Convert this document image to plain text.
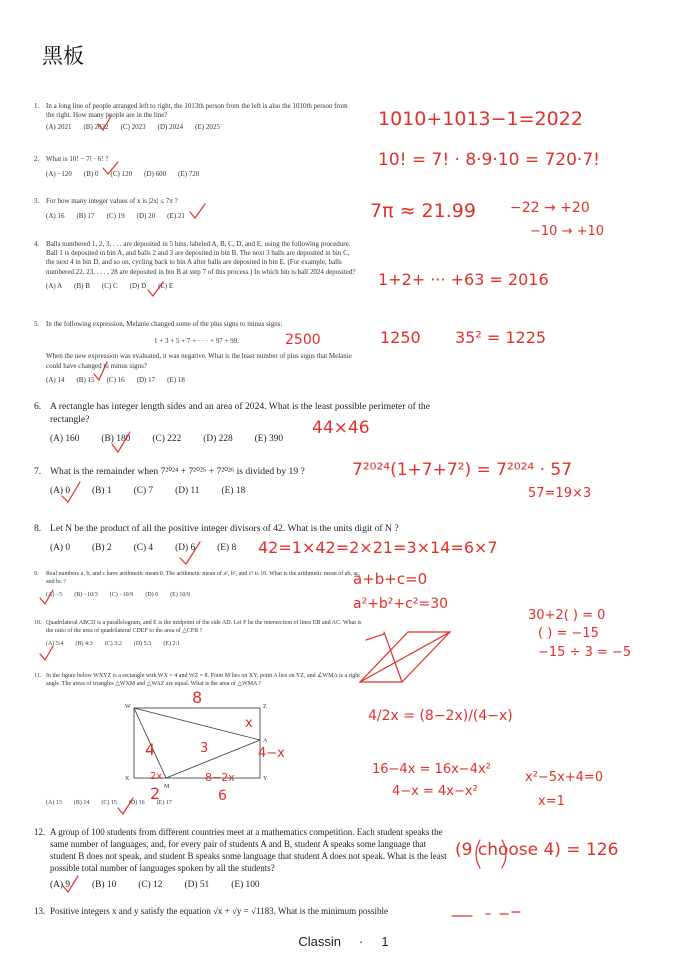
黑板
1. In a long line of people arranged left to right, the 1013th person from the left is also the 1010th person from the right. How many people are in the line?
(A) 2021 (B) 2022 (C) 2023 (D) 2024 (E) 2025
2. What is 10! − 7! · 6! ?
(A) −120 (B) 0 (C) 120 (D) 600 (E) 720
3. For how many integer values of x is |2x| ≤ 7π ?
(A) 16 (B) 17 (C) 19 (D) 20 (E) 21
4. Balls numbered 1, 2, 3, . . . are deposited in 5 bins, labeled A, B, C, D, and E, using the following procedure. Ball 1 is deposited in bin A, and balls 2 and 3 are deposited in bin B. The next 3 balls are deposited in bin C, the next 4 in bin D, and so on, cycling back to bin A after balls are deposited in bin E. (For example, balls numbered 22, 23, . . . , 28 are deposited in bin B at step 7 of this process.) In which bin is ball 2024 deposited?
(A) A (B) B (C) C (D) D (E) E
5. In the following expression, Melanie changed some of the plus signs to minus signs:
1 + 3 + 5 + 7 + · · · + 97 + 99.
When the new expression was evaluated, it was negative. What is the least number of plus signs that Melanie could have changed to minus signs?
(A) 14 (B) 15 (C) 16 (D) 17 (E) 18
6. A rectangle has integer length sides and an area of 2024. What is the least possible perimeter of the rectangle?
(A) 160 (B) 180 (C) 222 (D) 228 (E) 390
7. What is the remainder when 7²⁰²⁴ + 7²⁰²⁵ + 7²⁰²⁶ is divided by 19 ?
(A) 0 (B) 1 (C) 7 (D) 11 (E) 18
8. Let N be the product of all the positive integer divisors of 42. What is the units digit of N ?
(A) 0 (B) 2 (C) 4 (D) 6 (E) 8
9. Real numbers a, b, and c have arithmetic mean 0. The arithmetic mean of a², b², and c² is 10. What is the arithmetic mean of ab, ac, and bc ?
(A) −5 (B) −10/3 (C) −10/9 (D) 0 (E) 10/9
10. Quadrilateral ABCD is a parallelogram, and E is the midpoint of the side AD. Let F be the intersection of lines EB and AC. What is the ratio of the area of quadrilateral CDEF to the area of △CFB ?
(A) 5:4 (B) 4:3 (C) 3:2 (D) 5:3 (E) 2:1
11. In the figure below WXYZ is a rectangle with WX = 4 and WZ = 8. Point M lies on XY, point A lies on YZ, and ∠WMA is a right angle. The areas of triangles △WXM and △WAZ are equal. What is the area of △WMA ?
(A) 13 (B) 14 (C) 15 (D) 16 (E) 17
W	Z
X	Y
M
A
12. A group of 100 students from different countries meet at a mathematics competition. Each student speaks the same number of languages, and, for every pair of students A and B, student A speaks some language that student B does not speak, and student B speaks some language that student A does not speak. What is the least possible total number of languages spoken by all the students?
(A) 9 (B) 10 (C) 12 (D) 51 (E) 100
13. Positive integers x and y satisfy the equation √x + √y = √1183. What is the minimum possible
1010+1013−1=2022
10! = 7! · 8·9·10 = 720·7!
7π ≈ 21.99 −22 → +20
−10 → +10
1+2+ ··· +63 = 2016
1250 35² = 1225
2500
44×46
7²⁰²⁴(1+7+7²) = 7²⁰²⁴ · 57
57=19×3
42=1×42=2×21=3×14=6×7
a+b+c=0
a²+b²+c²=30
30+2( ) = 0
( ) = −15
−15 ÷ 3 = −5
4/2x = (8−2x)/(4−x)
16−4x = 16x−4x²
4−x = 4x−x²
x²−5x+4=0
x=1
(9 choose 4) = 126
8
4
2
2x	8−2x
4−x
3
x
6
Classin · 1
